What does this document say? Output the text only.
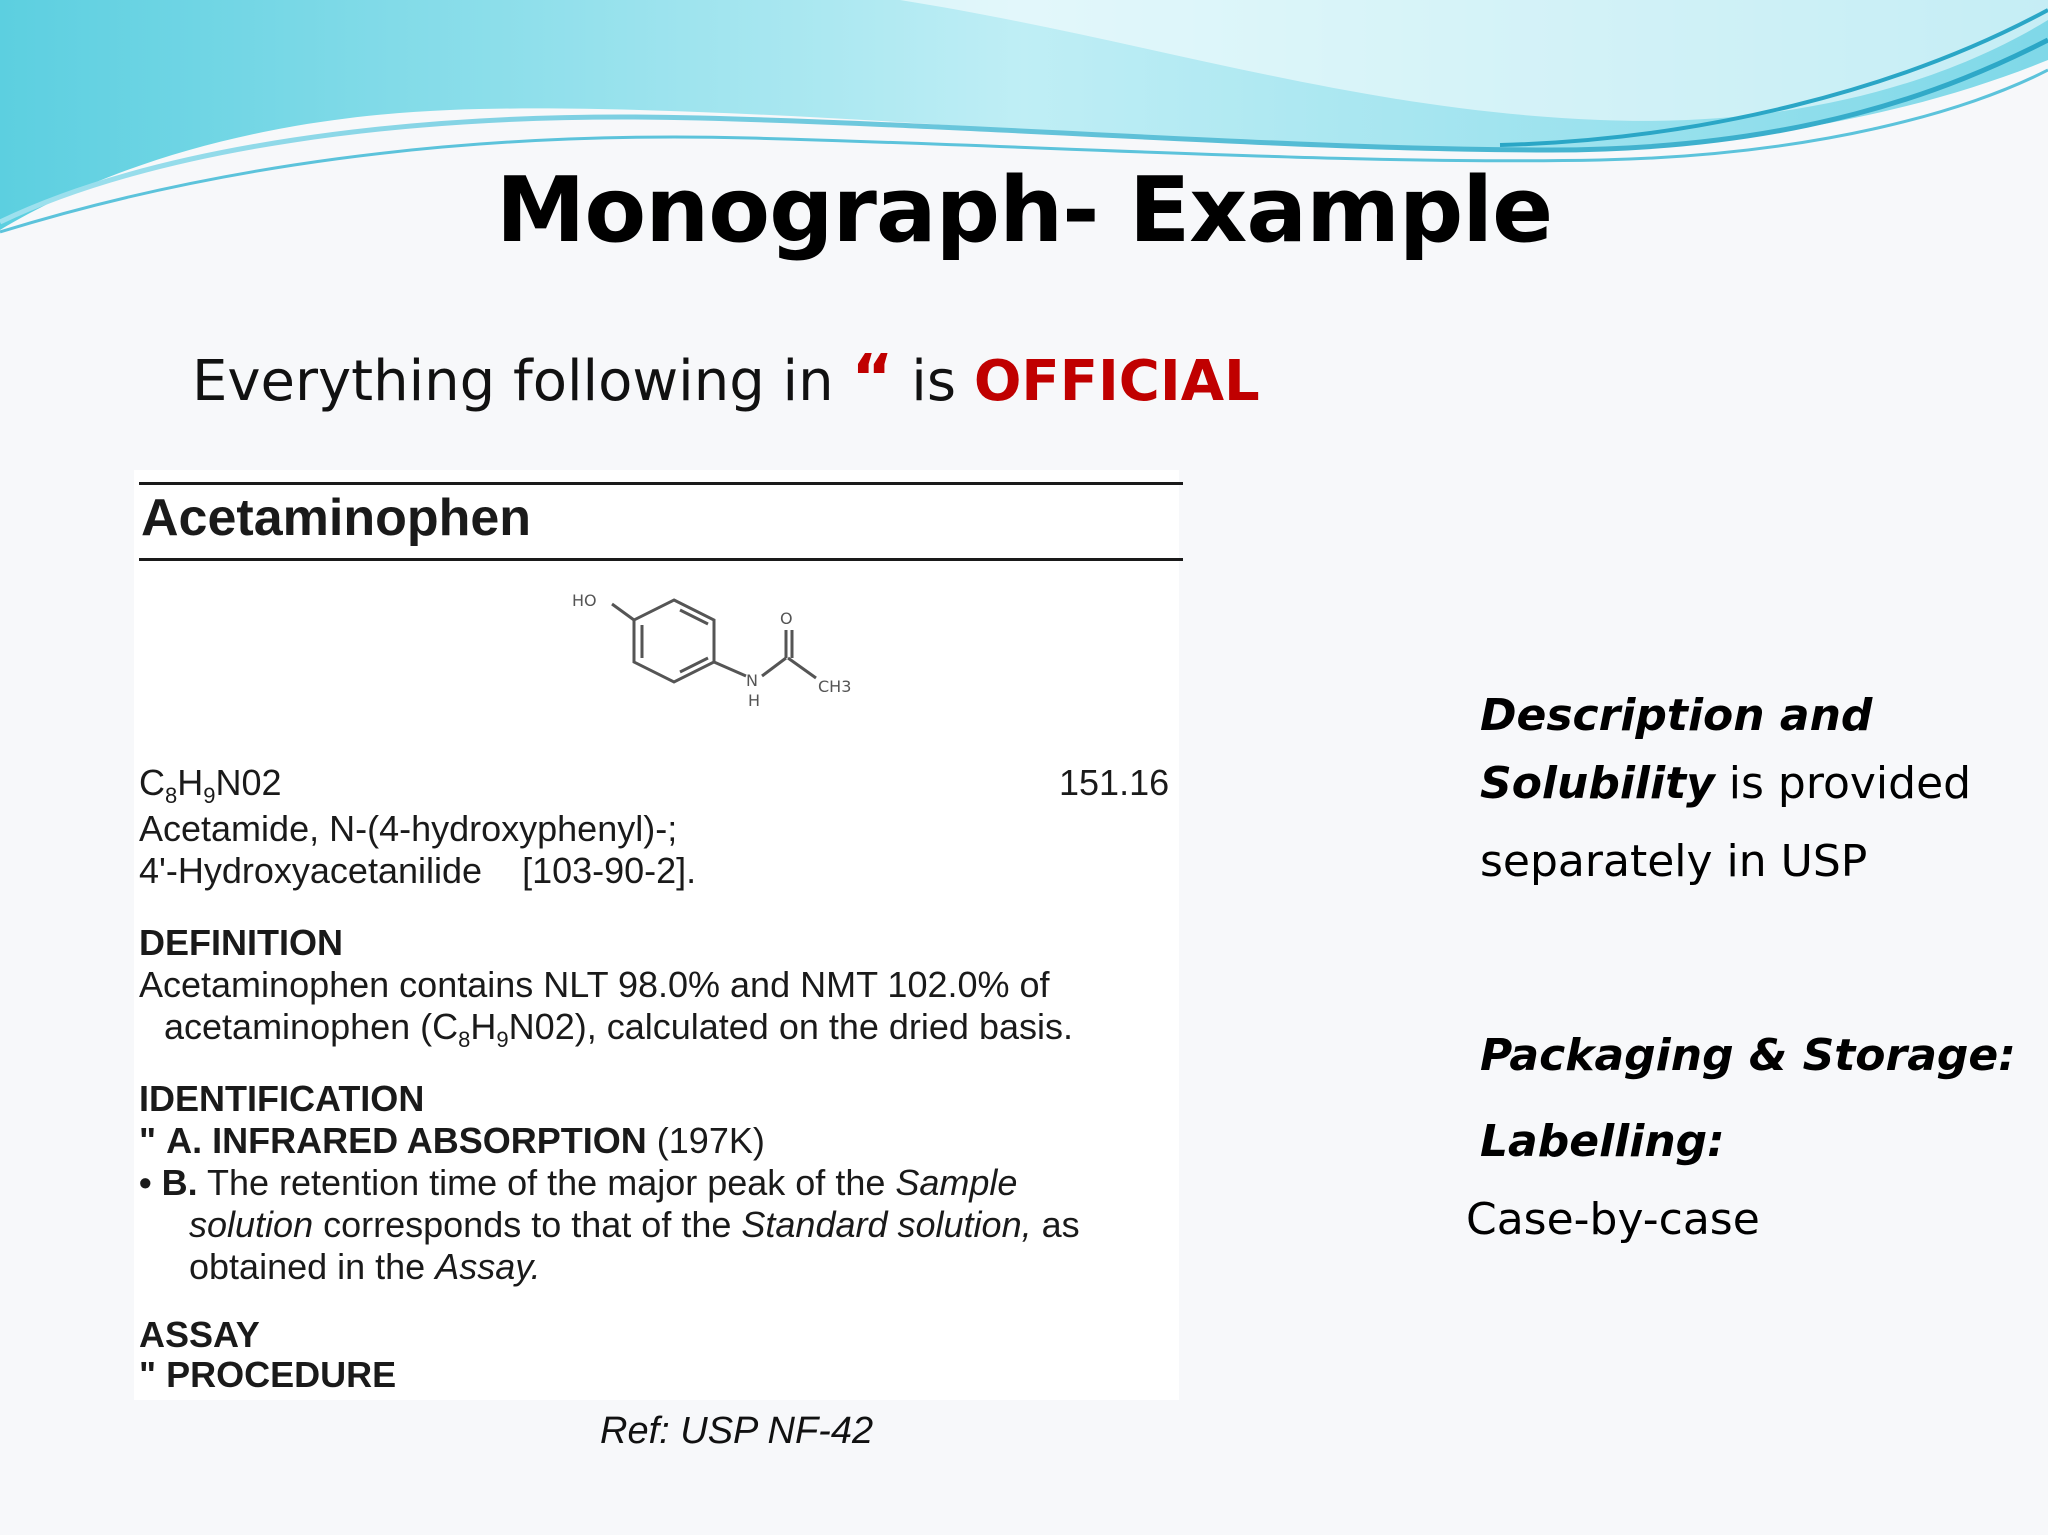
Monograph- Example
Everything following in “ is OFFICIAL
Acetaminophen
HO
O
N
H
CH3
$C_8H_9N02$	151.16
Acetamide, N-(4-hydroxyphenyl)-;
4'-Hydroxyacetanilide [103-90-2].
DEFINITION
Acetaminophen contains NLT 98.0% and NMT 102.0% of
acetaminophen $(C_8H_9N02)$, calculated on the dried basis.
IDENTIFICATION
" A. INFRARED ABSORPTION (197K)
• B. The retention time of the major peak of the Sample
solution corresponds to that of the Standard solution, as
obtained in the Assay.
ASSAY
" PROCEDURE
Ref: USP NF-42
Description and
Solubility is provided
separately in USP
Packaging & Storage:
Labelling:
Case-by-case
